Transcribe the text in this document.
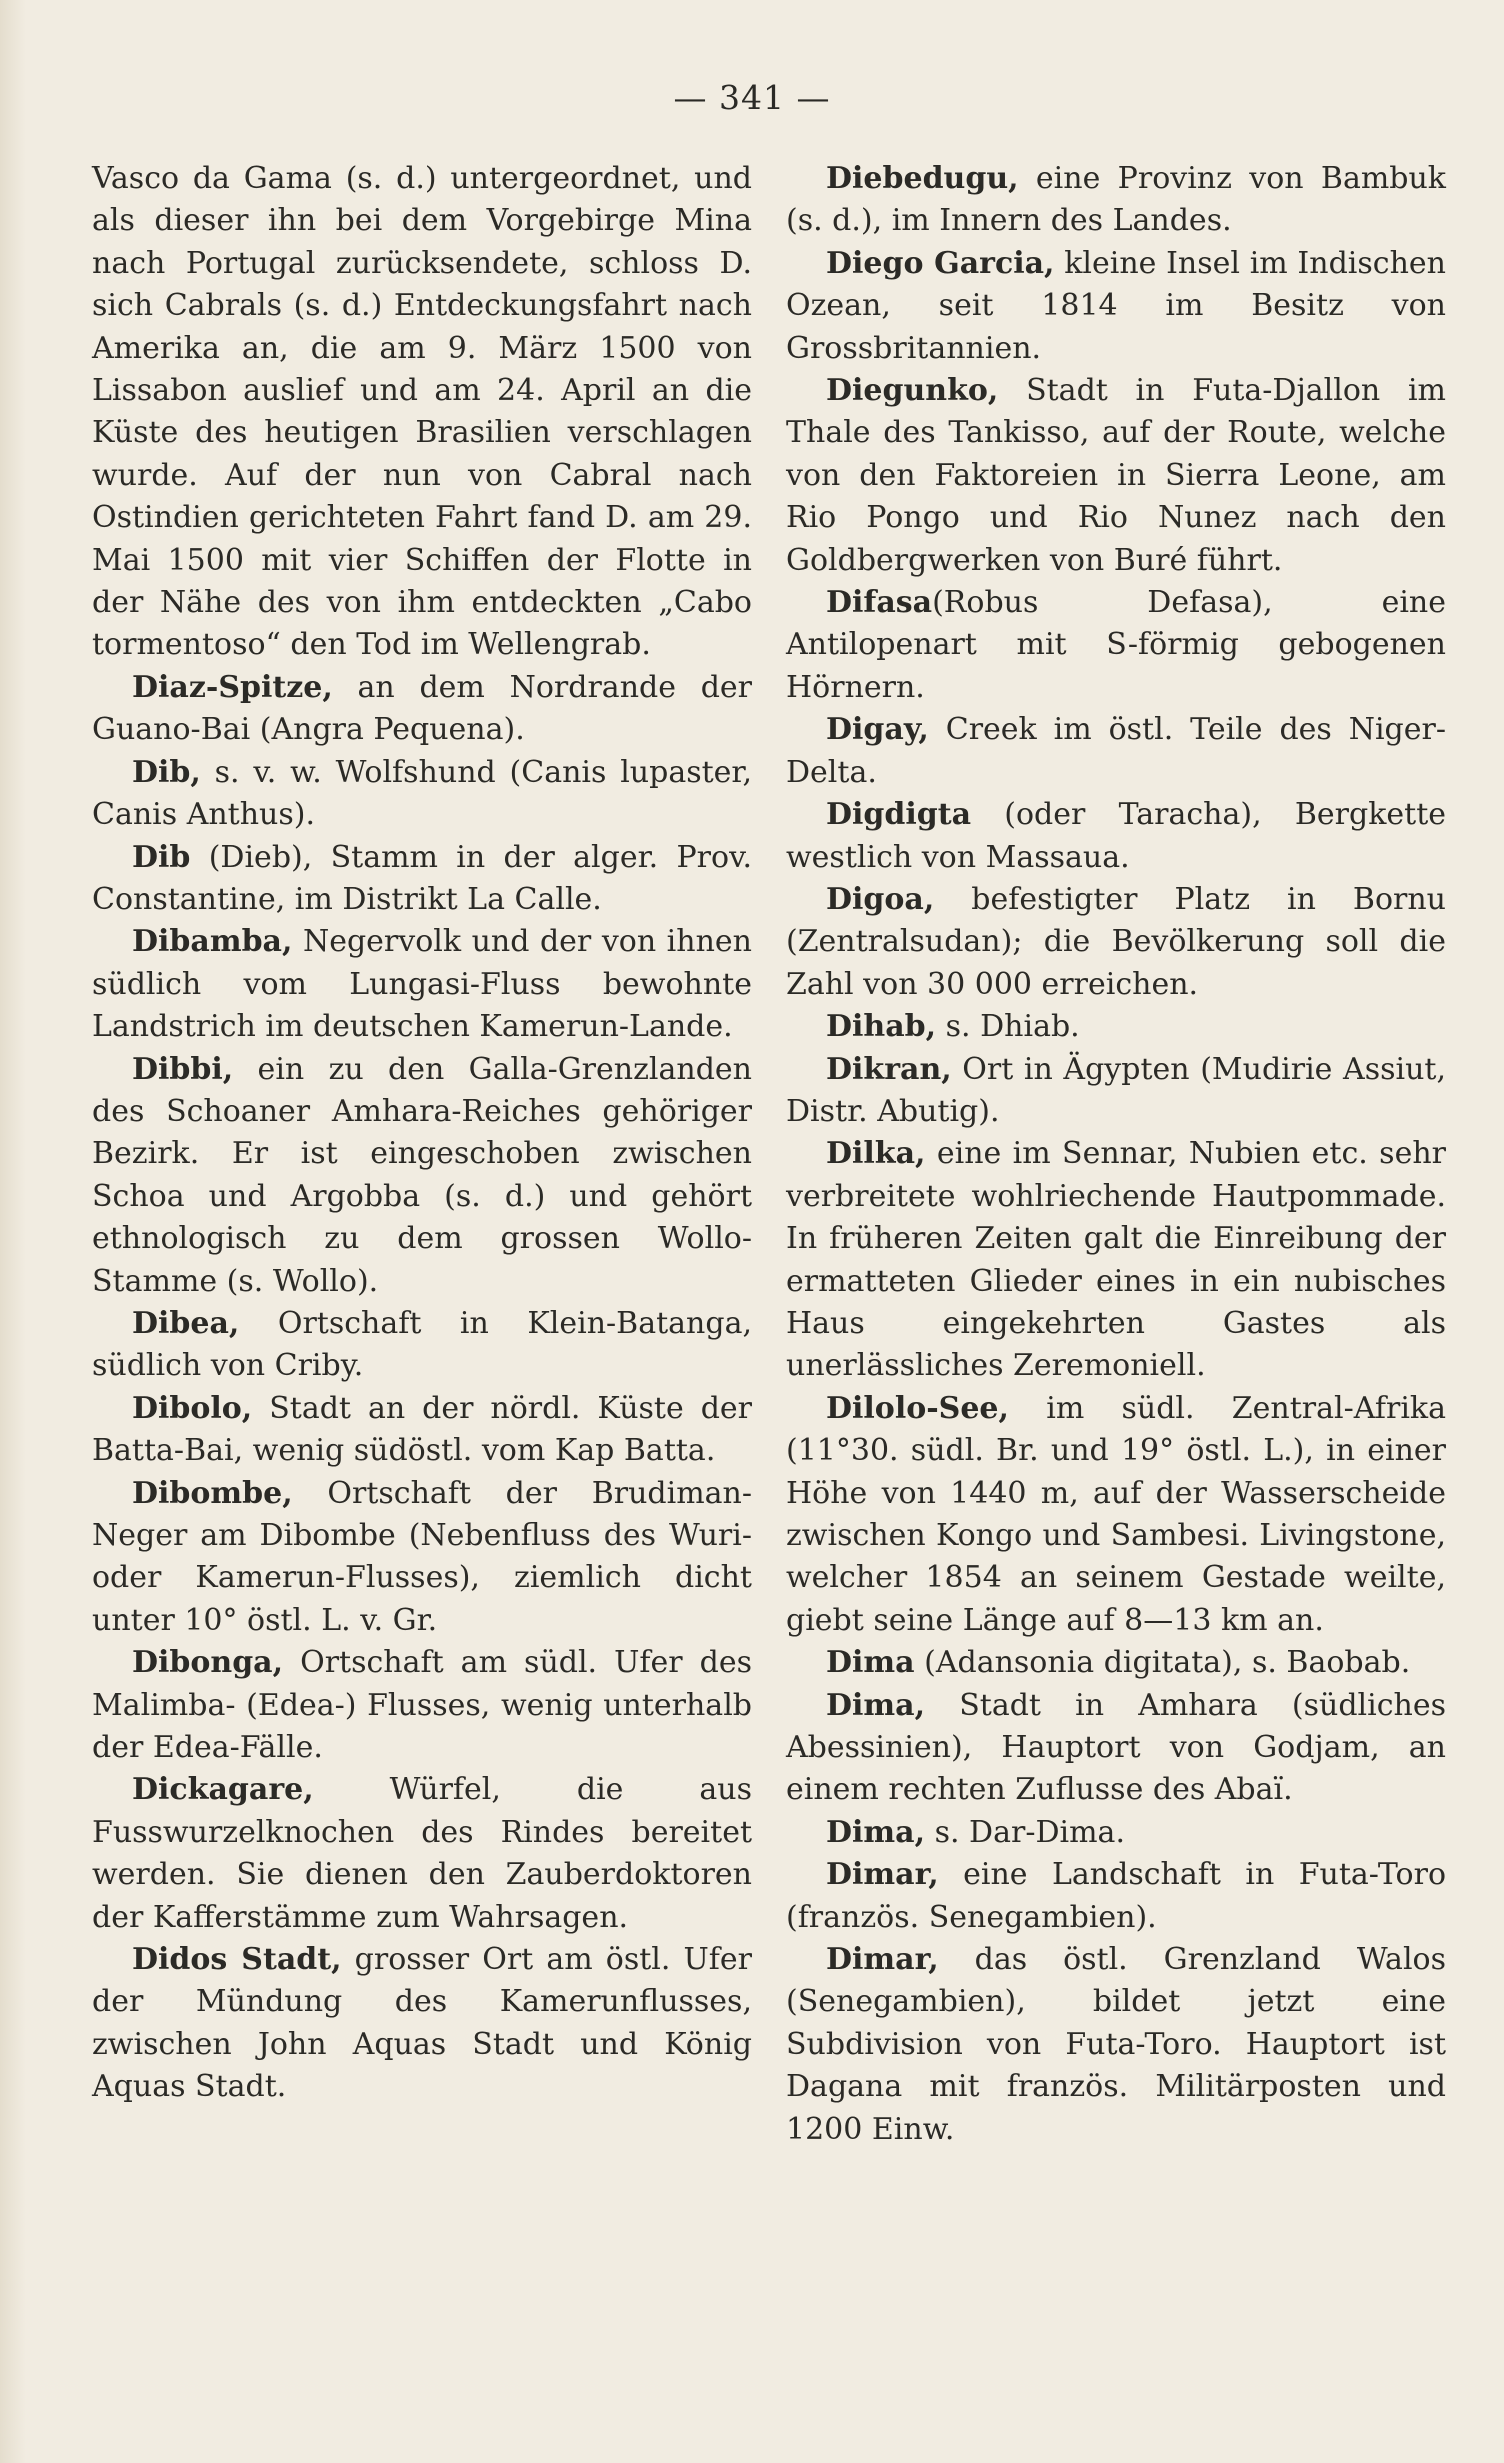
— 341 —

Vasco da Gama (s. d.) untergeordnet, und als dieser ihn bei dem Vorgebirge Mina nach Portugal zurücksendete, schloss D. sich Cabrals (s. d.) Entdeckungsfahrt nach Amerika an, die am 9. März 1500 von Lissabon auslief und am 24. April an die Küste des heutigen Brasilien verschlagen wurde. Auf der nun von Cabral nach Ostindien gerichteten Fahrt fand D. am 29. Mai 1500 mit vier Schiffen der Flotte in der Nähe des von ihm entdeckten „Cabo tormentoso“ den Tod im Wellengrab.

Diaz-Spitze, an dem Nordrande der Guano-Bai (Angra Pequena).

Dib, s. v. w. Wolfshund (Canis lupaster, Canis Anthus).

Dib (Dieb), Stamm in der alger. Prov. Constantine, im Distrikt La Calle.

Dibamba, Negervolk und der von ihnen südlich vom Lungasi-Fluss bewohnte Landstrich im deutschen Kamerun-Lande.

Dibbi, ein zu den Galla-Grenzlanden des Schoaner Amhara-Reiches gehöriger Bezirk. Er ist eingeschoben zwischen Schoa und Argobba (s. d.) und gehört ethnologisch zu dem grossen Wollo-Stamme (s. Wollo).

Dibea, Ortschaft in Klein-Batanga, südlich von Criby.

Dibolo, Stadt an der nördl. Küste der Batta-Bai, wenig südöstl. vom Kap Batta.

Dibombe, Ortschaft der Brudiman-Neger am Dibombe (Nebenfluss des Wuri- oder Kamerun-Flusses), ziemlich dicht unter 10° östl. L. v. Gr.

Dibonga, Ortschaft am südl. Ufer des Malimba- (Edea-) Flusses, wenig unterhalb der Edea-Fälle.

Dickagare, Würfel, die aus Fusswurzelknochen des Rindes bereitet werden. Sie dienen den Zauberdoktoren der Kafferstämme zum Wahrsagen.

Didos Stadt, grosser Ort am östl. Ufer der Mündung des Kamerunflusses, zwischen John Aquas Stadt und König Aquas Stadt.

Diebedugu, eine Provinz von Bambuk (s. d.), im Innern des Landes.

Diego Garcia, kleine Insel im Indischen Ozean, seit 1814 im Besitz von Grossbritannien.

Diegunko, Stadt in Futa-Djallon im Thale des Tankisso, auf der Route, welche von den Faktoreien in Sierra Leone, am Rio Pongo und Rio Nunez nach den Goldbergwerken von Buré führt.

Difasa(Robus Defasa), eine Antilopenart mit S-förmig gebogenen Hörnern.

Digay, Creek im östl. Teile des Niger-Delta.

Digdigta (oder Taracha), Bergkette westlich von Massaua.

Digoa, befestigter Platz in Bornu (Zentralsudan); die Bevölkerung soll die Zahl von 30 000 erreichen.

Dihab, s. Dhiab.

Dikran, Ort in Ägypten (Mudirie Assiut, Distr. Abutig).

Dilka, eine im Sennar, Nubien etc. sehr verbreitete wohlriechende Hautpommade. In früheren Zeiten galt die Einreibung der ermatteten Glieder eines in ein nubisches Haus eingekehrten Gastes als unerlässliches Zeremoniell.

Dilolo-See, im südl. Zentral-Afrika (11°30. südl. Br. und 19° östl. L.), in einer Höhe von 1440 m, auf der Wasserscheide zwischen Kongo und Sambesi. Livingstone, welcher 1854 an seinem Gestade weilte, giebt seine Länge auf 8—13 km an.

Dima (Adansonia digitata), s. Baobab.

Dima, Stadt in Amhara (südliches Abessinien), Hauptort von Godjam, an einem rechten Zuflusse des Abaï.

Dima, s. Dar-Dima.

Dimar, eine Landschaft in Futa-Toro (französ. Senegambien).

Dimar, das östl. Grenzland Walos (Senegambien), bildet jetzt eine Subdivision von Futa-Toro. Hauptort ist Dagana mit französ. Militärposten und 1200 Einw.
